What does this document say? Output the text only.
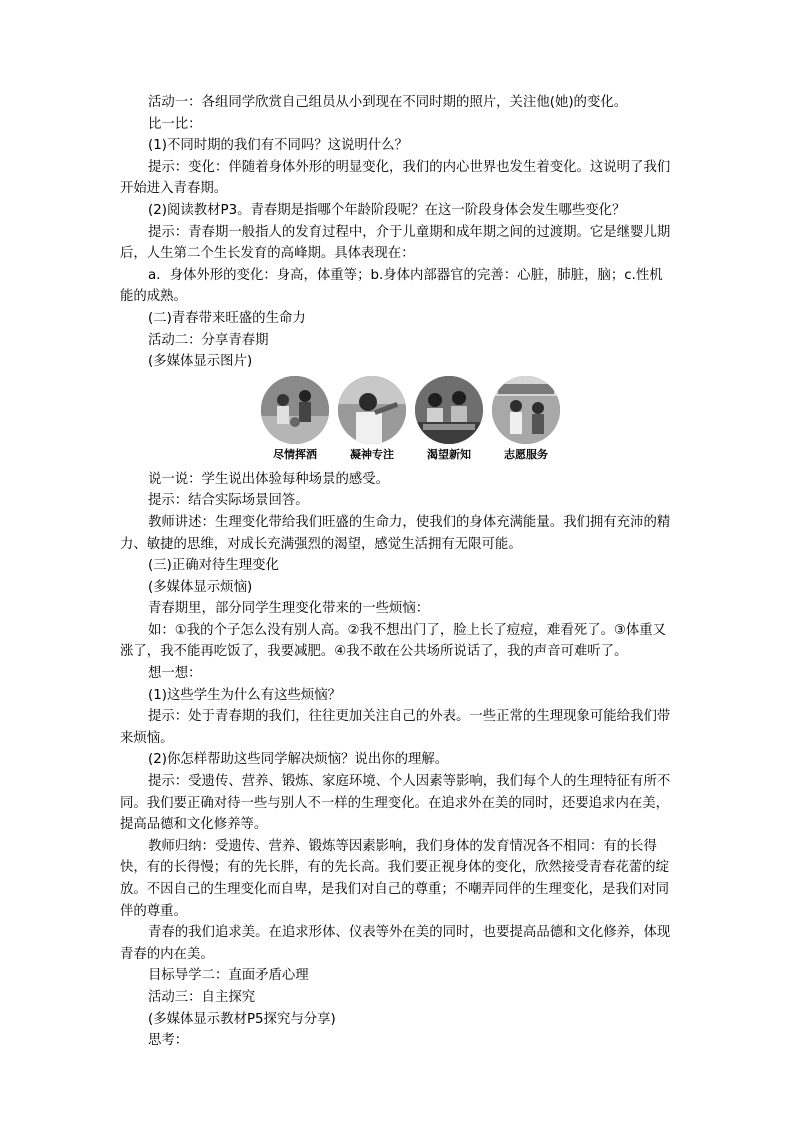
活动一：各组同学欣赏自己组员从小到现在不同时期的照片，关注他(她)的变化。

比一比：

(1)不同时期的我们有不同吗？这说明什么？

提示：变化：伴随着身体外形的明显变化，我们的内心世界也发生着变化。这说明了我们开始进入青春期。

(2)阅读教材P3。青春期是指哪个年龄阶段呢？在这一阶段身体会发生哪些变化？

提示：青春期一般指人的发育过程中，介于儿童期和成年期之间的过渡期。它是继婴儿期后，人生第二个生长发育的高峰期。具体表现在：

a．身体外形的变化：身高，体重等；b.身体内部器官的完善：心脏，肺脏，脑；c.性机能的成熟。

(二)青春带来旺盛的生命力

活动二：分享青春期

(多媒体显示图片)

尽情挥洒	凝神专注	渴望新知	志愿服务

说一说：学生说出体验每种场景的感受。

提示：结合实际场景回答。

教师讲述：生理变化带给我们旺盛的生命力，使我们的身体充满能量。我们拥有充沛的精力、敏捷的思维，对成长充满强烈的渴望，感觉生活拥有无限可能。

(三)正确对待生理变化

(多媒体显示烦恼)

青春期里，部分同学生理变化带来的一些烦恼：

如：①我的个子怎么没有别人高。②我不想出门了，脸上长了痘痘，难看死了。③体重又涨了，我不能再吃饭了，我要减肥。④我不敢在公共场所说话了，我的声音可难听了。

想一想：

(1)这些学生为什么有这些烦恼？

提示：处于青春期的我们，往往更加关注自己的外表。一些正常的生理现象可能给我们带来烦恼。

(2)你怎样帮助这些同学解决烦恼？说出你的理解。

提示：受遗传、营养、锻炼、家庭环境、个人因素等影响，我们每个人的生理特征有所不同。我们要正确对待一些与别人不一样的生理变化。在追求外在美的同时，还要追求内在美，提高品德和文化修养等。

教师归纳：受遗传、营养、锻炼等因素影响，我们身体的发育情况各不相同：有的长得快，有的长得慢；有的先长胖，有的先长高。我们要正视身体的变化，欣然接受青春花蕾的绽放。不因自己的生理变化而自卑，是我们对自己的尊重；不嘲弄同伴的生理变化，是我们对同伴的尊重。

青春的我们追求美。在追求形体、仪表等外在美的同时，也要提高品德和文化修养，体现青春的内在美。

目标导学二：直面矛盾心理

活动三：自主探究

(多媒体显示教材P5探究与分享)

思考：
